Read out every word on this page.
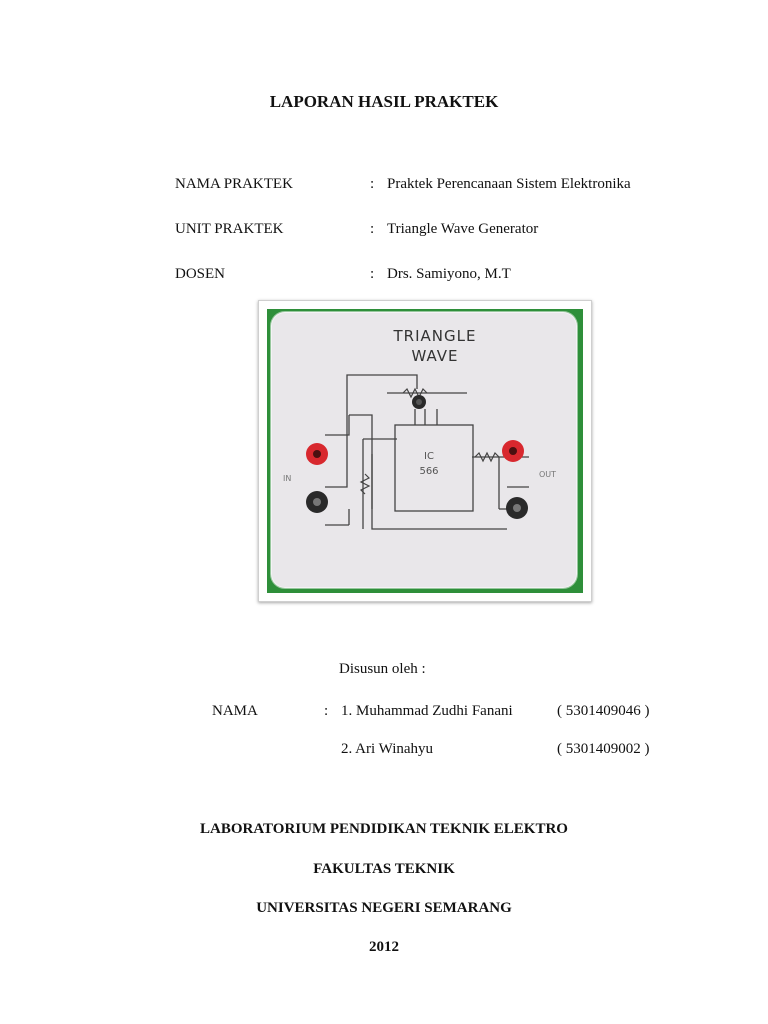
LAPORAN HASIL PRAKTEK
NAMA PRAKTEK	: Praktek Perencanaan Sistem Elektronika
UNIT PRAKTEK	: Triangle Wave Generator
DOSEN	: Drs. Samiyono, M.T
TRIANGLE
WAVE
IC
566
IN	OUT
Disusun oleh :
NAMA	: 1. Muhammad Zudhi Fanani	( 5301409046 )
2. Ari Winahyu	( 5301409002 )
LABORATORIUM PENDIDIKAN TEKNIK ELEKTRO
FAKULTAS TEKNIK
UNIVERSITAS NEGERI SEMARANG
2012
